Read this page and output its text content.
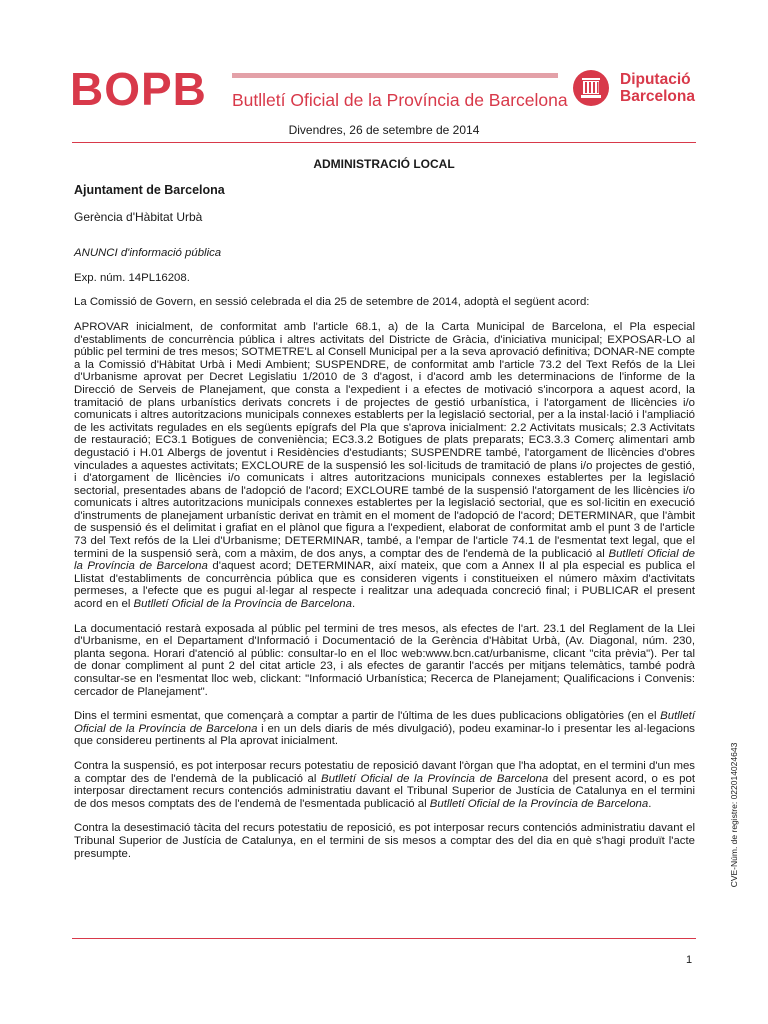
BOPB Butlletí Oficial de la Província de Barcelona
Diputació
Barcelona
Divendres, 26 de setembre de 2014
ADMINISTRACIÓ LOCAL

Ajuntament de Barcelona

Gerència d'Hàbitat Urbà

ANUNCI d'informació pública

Exp. núm. 14PL16208.

La Comissió de Govern, en sessió celebrada el dia 25 de setembre de 2014, adoptà el següent acord:

APROVAR inicialment, de conformitat amb l'article 68.1, a) de la Carta Municipal de Barcelona, el Pla especial d'establiments de concurrència pública i altres activitats del Districte de Gràcia, d'iniciativa municipal; EXPOSAR-LO al públic pel termini de tres mesos; SOTMETRE'L al Consell Municipal per a la seva aprovació definitiva; DONAR-NE compte a la Comissió d'Hàbitat Urbà i Medi Ambient; SUSPENDRE, de conformitat amb l'article 73.2 del Text Refós de la Llei d'Urbanisme aprovat per Decret Legislatiu 1/2010 de 3 d'agost, i d'acord amb les determinacions de l'informe de la Direcció de Serveis de Planejament, que consta a l'expedient i a efectes de motivació s'incorpora a aquest acord, la tramitació de plans urbanístics derivats concrets i de projectes de gestió urbanística, i l'atorgament de llicències i/o comunicats i altres autoritzacions municipals connexes establerts per la legislació sectorial, per a la instal·lació i l'ampliació de les activitats regulades en els següents epígrafs del Pla que s'aprova inicialment: 2.2 Activitats musicals; 2.3 Activitats de restauració; EC3.1 Botigues de conveniència; EC3.3.2 Botigues de plats preparats; EC3.3.3 Comerç alimentari amb degustació i H.01 Albergs de joventut i Residències d'estudiants; SUSPENDRE també, l'atorgament de llicències d'obres vinculades a aquestes activitats; EXCLOURE de la suspensió les sol·licituds de tramitació de plans i/o projectes de gestió, i d'atorgament de llicències i/o comunicats i altres autoritzacions municipals connexes establertes per la legislació sectorial, presentades abans de l'adopció de l'acord; EXCLOURE també de la suspensió l'atorgament de les llicències i/o comunicats i altres autoritzacions municipals connexes establertes per la legislació sectorial, que es sol·licitin en execució d'instruments de planejament urbanístic derivat en tràmit en el moment de l'adopció de l'acord; DETERMINAR, que l'àmbit de suspensió és el delimitat i grafiat en el plànol que figura a l'expedient, elaborat de conformitat amb el punt 3 de l'article 73 del Text refós de la Llei d'Urbanisme; DETERMINAR, també, a l'empar de l'article 74.1 de l'esmentat text legal, que el termini de la suspensió serà, com a màxim, de dos anys, a comptar des de l'endemà de la publicació al Butlletí Oficial de la Província de Barcelona d'aquest acord; DETERMINAR, així mateix, que com a Annex II al pla especial es publica el Llistat d'establiments de concurrència pública que es consideren vigents i constitueixen el número màxim d'activitats permeses, a l'efecte que es pugui al·legar al respecte i realitzar una adequada concreció final; i PUBLICAR el present acord en el Butlletí Oficial de la Província de Barcelona.

La documentació restarà exposada al públic pel termini de tres mesos, als efectes de l'art. 23.1 del Reglament de la Llei d'Urbanisme, en el Departament d'Informació i Documentació de la Gerència d'Hàbitat Urbà, (Av. Diagonal, núm. 230, planta segona. Horari d'atenció al públic: consultar-lo en el lloc web:www.bcn.cat/urbanisme, clicant "cita prèvia"). Per tal de donar compliment al punt 2 del citat article 23, i als efectes de garantir l'accés per mitjans telemàtics, també podrà consultar-se en l'esmentat lloc web, clickant: "Informació Urbanística; Recerca de Planejament; Qualificacions i Convenis: cercador de Planejament".

Dins el termini esmentat, que començarà a comptar a partir de l'última de les dues publicacions obligatòries (en el Butlletí Oficial de la Província de Barcelona i en un dels diaris de més divulgació), podeu examinar-lo i presentar les al·legacions que considereu pertinents al Pla aprovat inicialment.

Contra la suspensió, es pot interposar recurs potestatiu de reposició davant l'òrgan que l'ha adoptat, en el termini d'un mes a comptar des de l'endemà de la publicació al Butlletí Oficial de la Província de Barcelona del present acord, o es pot interposar directament recurs contenciós administratiu davant el Tribunal Superior de Justícia de Catalunya en el termini de dos mesos comptats des de l'endemà de l'esmentada publicació al Butlletí Oficial de la Província de Barcelona.

Contra la desestimació tàcita del recurs potestatiu de reposició, es pot interposar recurs contenciós administratiu davant el Tribunal Superior de Justícia de Catalunya, en el termini de sis mesos a comptar des del dia en què s'hagi produït l'acte presumpte.	CVE-Núm. de registre: 022014024643
1
